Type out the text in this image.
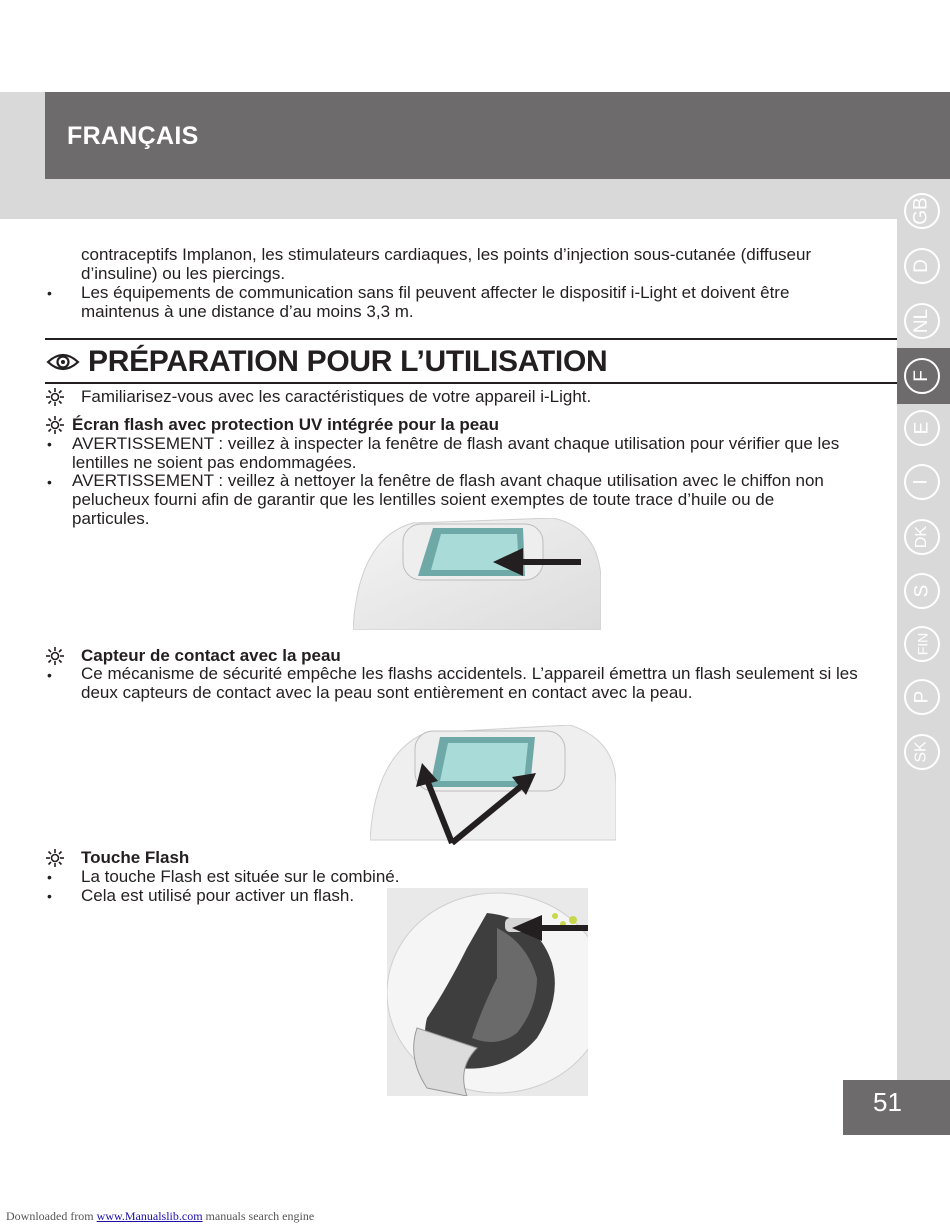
FRANÇAIS
GB
D
NL
F
E
I
DK
S
FIN
P
SK
contraceptifs Implanon, les stimulateurs cardiaques, les points d’injection sous-cutanée (diffuseur
d’insuline) ou les piercings.
• Les équipements de communication sans fil peuvent affecter le dispositif i-Light et doivent être
maintenus à une distance d’au moins 3,3 m.
PRÉPARATION POUR L’UTILISATION
Familiarisez-vous avec les caractéristiques de votre appareil i-Light.
Écran flash avec protection UV intégrée pour la peau
• AVERTISSEMENT : veillez à inspecter la fenêtre de flash avant chaque utilisation pour vérifier que les
lentilles ne soient pas endommagées.
• AVERTISSEMENT : veillez à nettoyer la fenêtre de flash avant chaque utilisation avec le chiffon non
pelucheux fourni afin de garantir que les lentilles soient exemptes de toute trace d’huile ou de
particules.
Capteur de contact avec la peau
• Ce mécanisme de sécurité empêche les flashs accidentels. L’appareil émettra un flash seulement si les
deux capteurs de contact avec la peau sont entièrement en contact avec la peau.
Touche Flash
• La touche Flash est située sur le combiné.
• Cela est utilisé pour activer un flash.
51
Downloaded from www.Manualslib.com manuals search engine
